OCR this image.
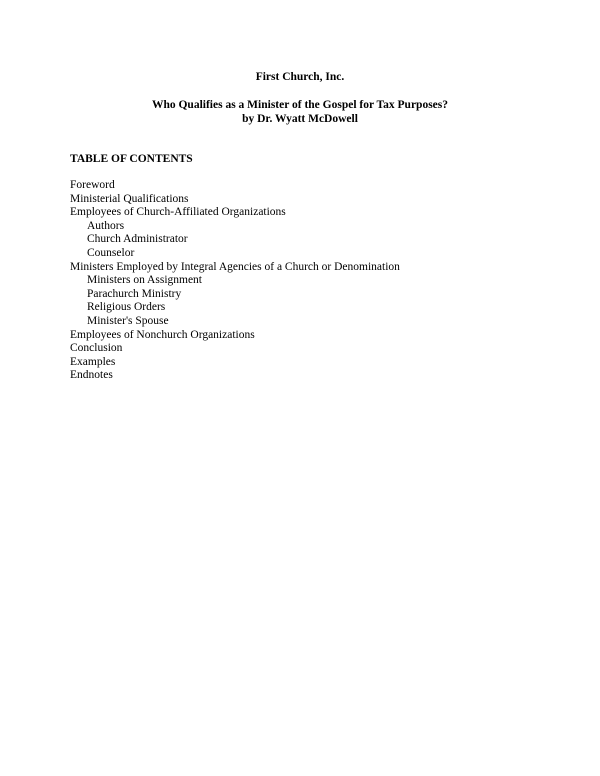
First Church, Inc.
Who Qualifies as a Minister of the Gospel for Tax Purposes?
by Dr. Wyatt McDowell
TABLE OF CONTENTS
Foreword
Ministerial Qualifications
Employees of Church-Affiliated Organizations
Authors
Church Administrator
Counselor
Ministers Employed by Integral Agencies of a Church or Denomination
Ministers on Assignment
Parachurch Ministry
Religious Orders
Minister's Spouse
Employees of Nonchurch Organizations
Conclusion
Examples
Endnotes
